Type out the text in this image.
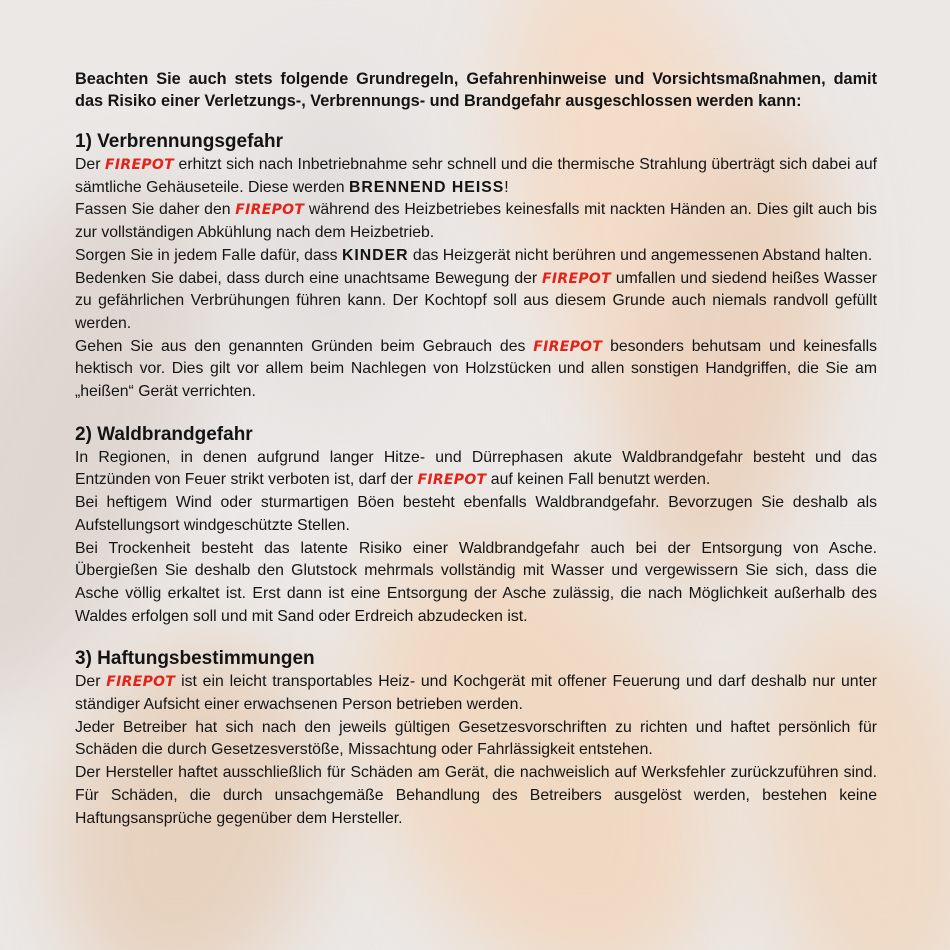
Beachten Sie auch stets folgende Grundregeln, Gefahrenhinweise und Vorsichtsmaßnahmen, damit das Risiko einer Verletzungs-, Verbrennungs- und Brandgefahr ausgeschlossen werden kann:

1) Verbrennungsgefahr

Der FIREPOT erhitzt sich nach Inbetriebnahme sehr schnell und die thermische Strahlung überträgt sich dabei auf sämtliche Gehäuseteile. Diese werden BRENNEND HEISS!

Fassen Sie daher den FIREPOT während des Heizbetriebes keinesfalls mit nackten Händen an. Dies gilt auch bis zur vollständigen Abkühlung nach dem Heizbetrieb.

Sorgen Sie in jedem Falle dafür, dass KINDER das Heizgerät nicht berühren und angemessenen Abstand halten.

Bedenken Sie dabei, dass durch eine unachtsame Bewegung der FIREPOT umfallen und siedend heißes Wasser zu gefährlichen Verbrühungen führen kann. Der Kochtopf soll aus diesem Grunde auch niemals randvoll gefüllt werden.

Gehen Sie aus den genannten Gründen beim Gebrauch des FIREPOT besonders behutsam und keinesfalls hektisch vor. Dies gilt vor allem beim Nachlegen von Holzstücken und allen sonstigen Handgriffen, die Sie am „heißen“ Gerät verrichten.

2) Waldbrandgefahr

In Regionen, in denen aufgrund langer Hitze- und Dürrephasen akute Waldbrandgefahr besteht und das Entzünden von Feuer strikt verboten ist, darf der FIREPOT auf keinen Fall benutzt werden.

Bei heftigem Wind oder sturmartigen Böen besteht ebenfalls Waldbrandgefahr. Bevorzugen Sie deshalb als Aufstellungsort windgeschützte Stellen.

Bei Trockenheit besteht das latente Risiko einer Waldbrandgefahr auch bei der Entsorgung von Asche. Übergießen Sie deshalb den Glutstock mehrmals vollständig mit Wasser und vergewissern Sie sich, dass die Asche völlig erkaltet ist. Erst dann ist eine Entsorgung der Asche zulässig, die nach Möglichkeit außerhalb des Waldes erfolgen soll und mit Sand oder Erdreich abzudecken ist.

3) Haftungsbestimmungen

Der FIREPOT ist ein leicht transportables Heiz- und Kochgerät mit offener Feuerung und darf deshalb nur unter ständiger Aufsicht einer erwachsenen Person betrieben werden.

Jeder Betreiber hat sich nach den jeweils gültigen Gesetzesvorschriften zu richten und haftet persönlich für Schäden die durch Gesetzesverstöße, Missachtung oder Fahrlässigkeit entstehen.

Der Hersteller haftet ausschließlich für Schäden am Gerät, die nachweislich auf Werksfehler zurückzuführen sind. Für Schäden, die durch unsachgemäße Behandlung des Betreibers ausgelöst werden, bestehen keine Haftungsansprüche gegenüber dem Hersteller.
